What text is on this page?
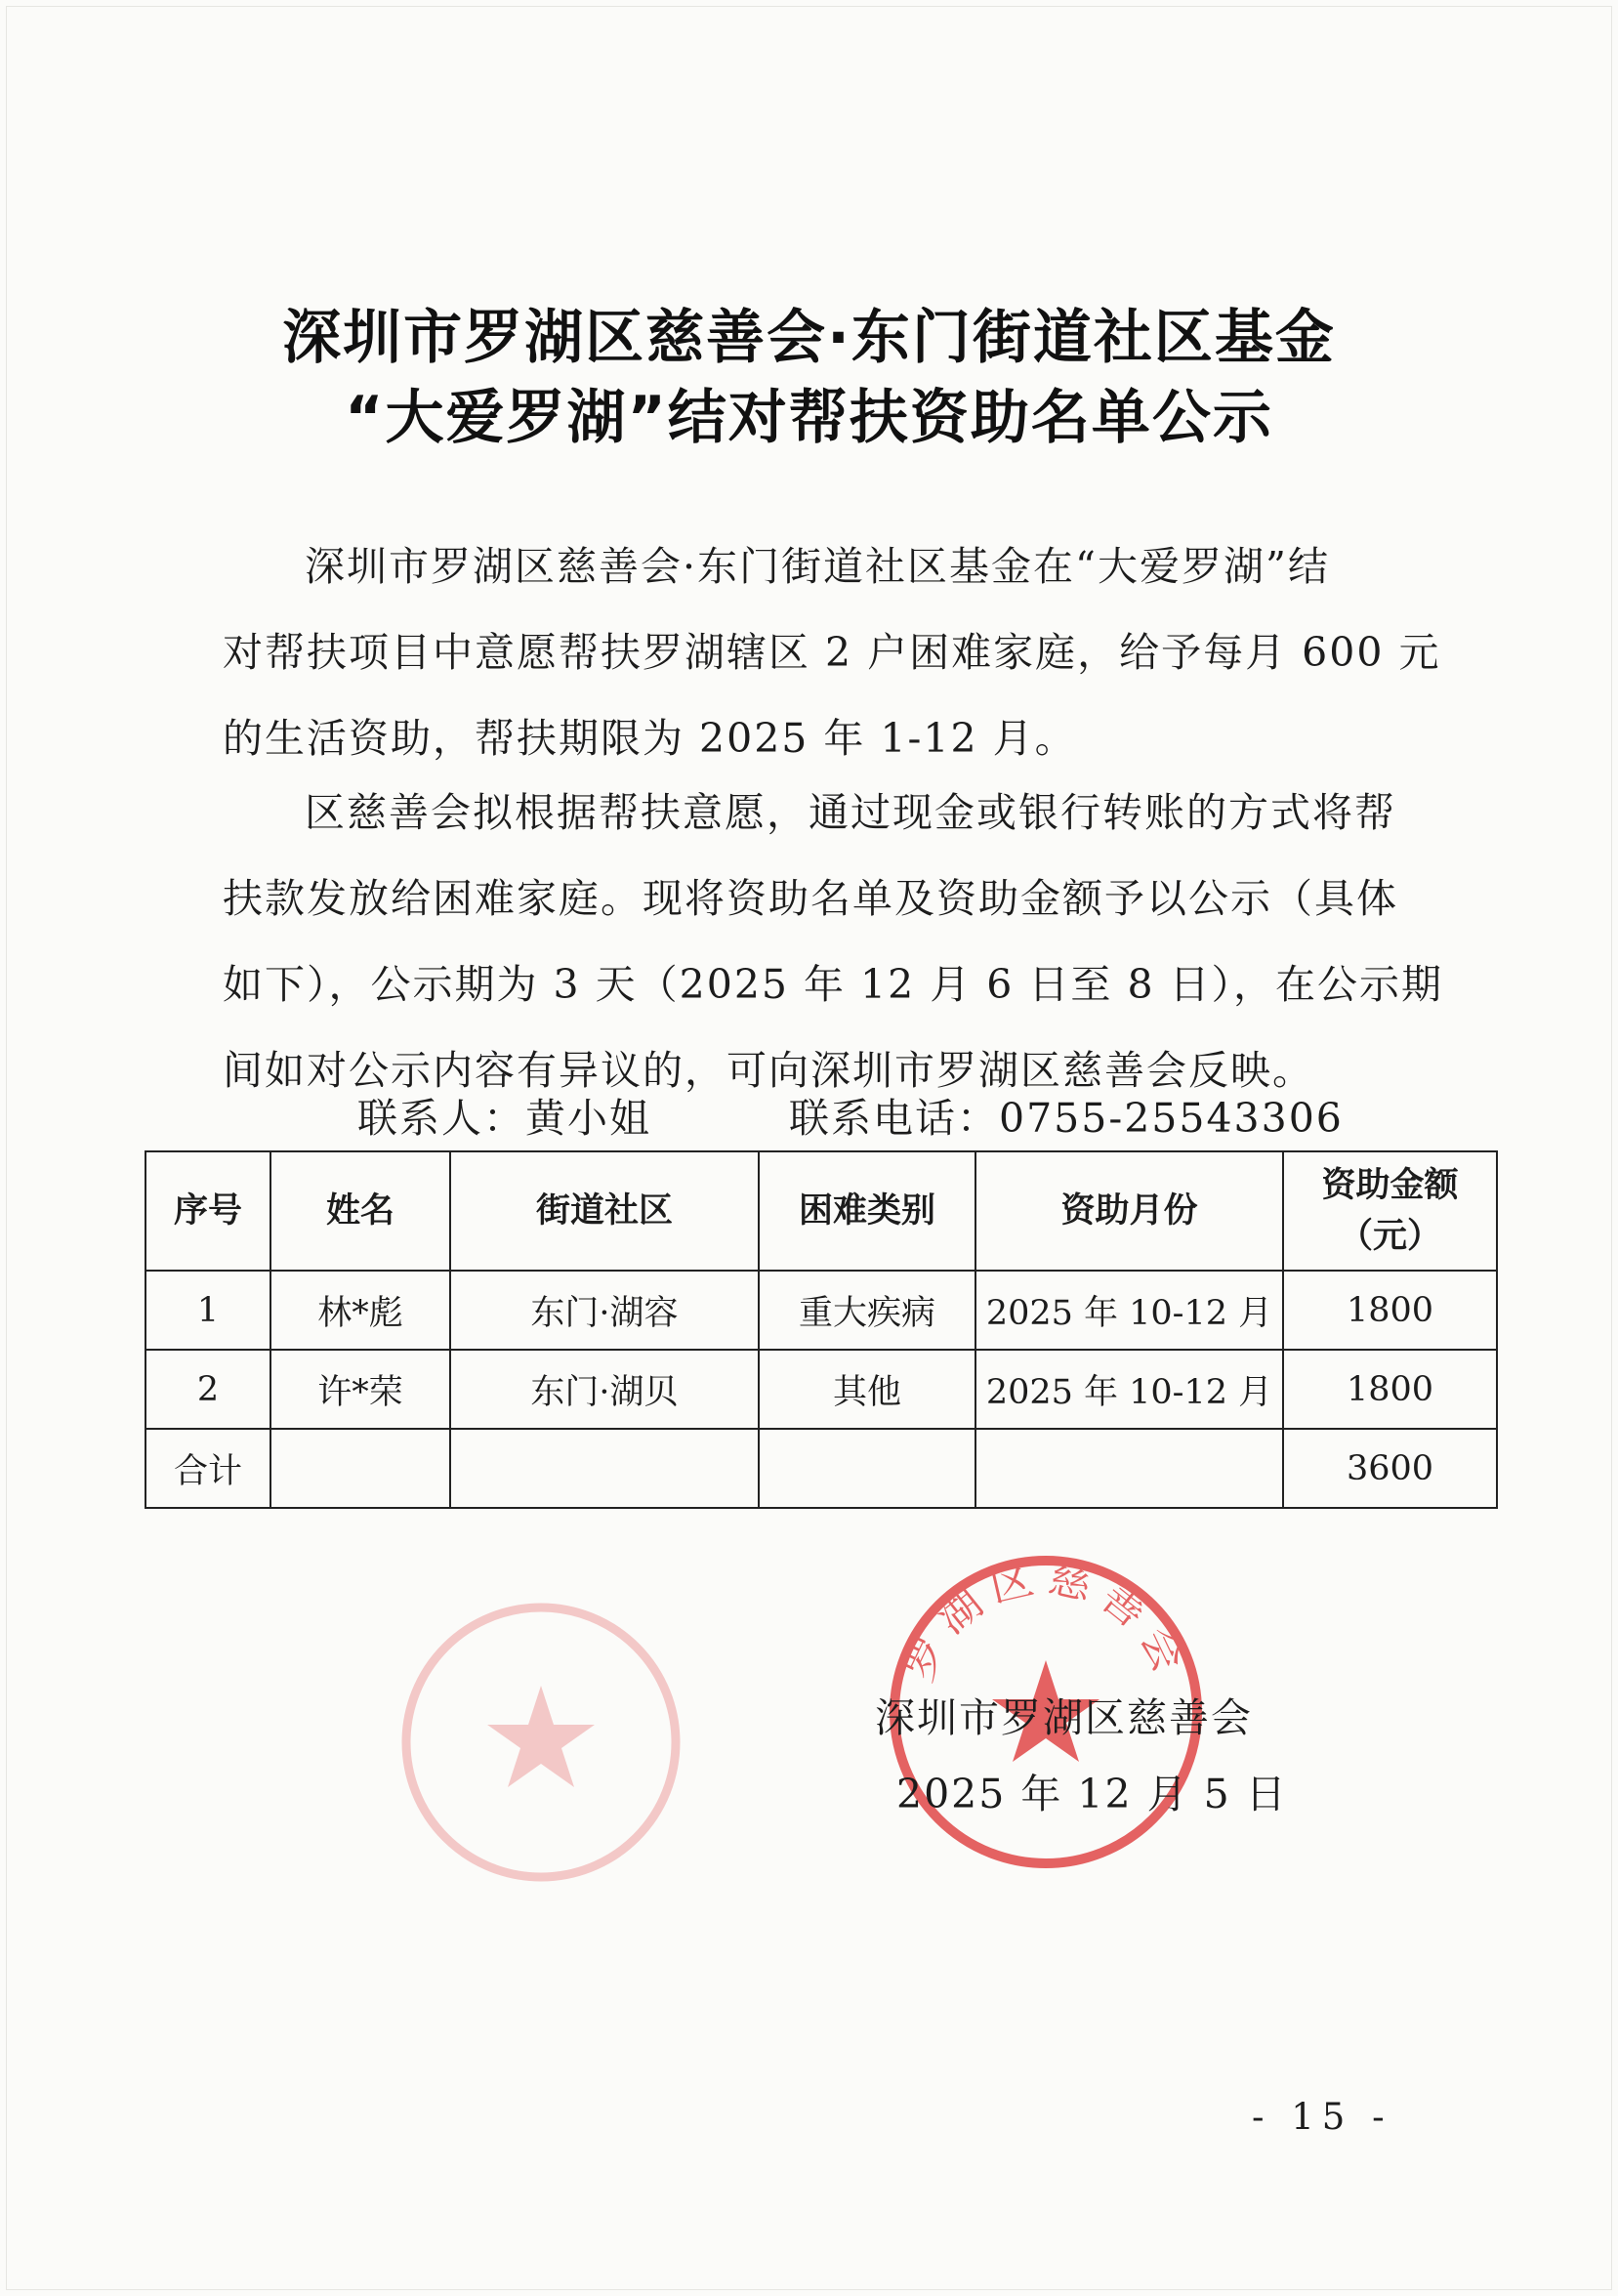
深圳市罗湖区慈善会·东门街道社区基金
“大爱罗湖”结对帮扶资助名单公示
深圳市罗湖区慈善会·东门街道社区基金在“大爱罗湖”结
对帮扶项目中意愿帮扶罗湖辖区 2 户困难家庭，给予每月 600 元
的生活资助，帮扶期限为 2025 年 1-12 月。
区慈善会拟根据帮扶意愿，通过现金或银行转账的方式将帮
扶款发放给困难家庭。现将资助名单及资助金额予以公示（具体
如下），公示期为 3 天（2025 年 12 月 6 日至 8 日），在公示期
间如对公示内容有异议的，可向深圳市罗湖区慈善会反映。
联系人：黄小姐	联系电话：0755-25543306
序号	姓名	街道社区	困难类别	资助月份	资助金额
（元）

1	林*彪	东门·湖容	重大疾病	2025 年 10-12 月	1800
2	许*荣	东门·湖贝	其他	2025 年 10-12 月	1800
合计					3600
罗湖区慈善会
深圳市罗湖区慈善会
2025 年 12 月 5 日
- 15 -
